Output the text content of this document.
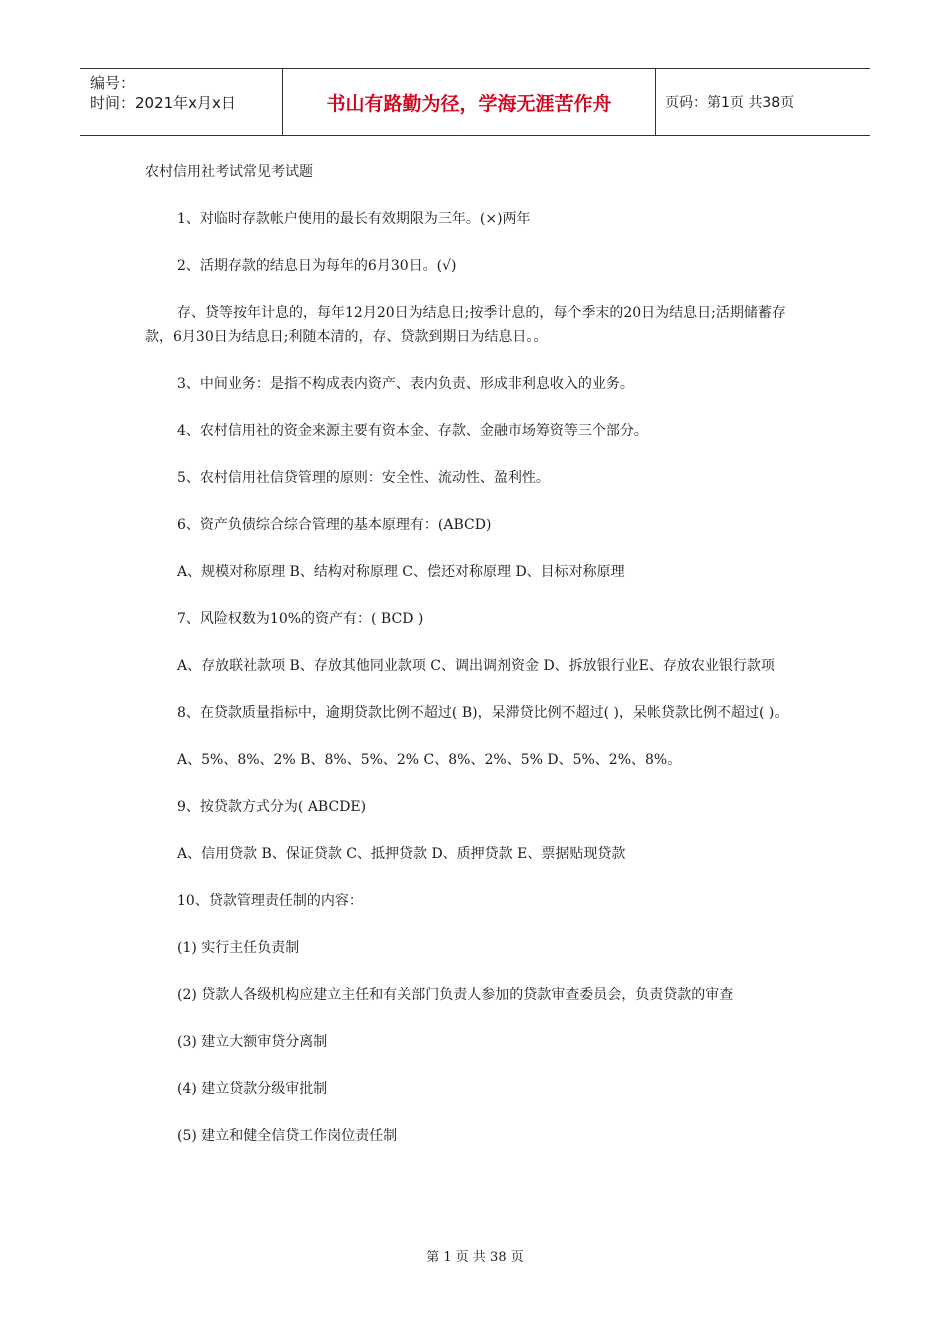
编号：
时间：2021年x月x日	书山有路勤为径，学海无涯苦作舟	页码：第1页 共38页

农村信用社考试常见考试题

1、对临时存款帐户使用的最长有效期限为三年。(×)两年

2、活期存款的结息日为每年的6月30日。(√)

存、贷等按年计息的，每年12月20日为结息日;按季计息的，每个季末的20日为结息日;活期储蓄存款，6月30日为结息日;利随本清的，存、贷款到期日为结息日。。

3、中间业务：是指不构成表内资产、表内负责、形成非利息收入的业务。

4、农村信用社的资金来源主要有资本金、存款、金融市场筹资等三个部分。

5、农村信用社信贷管理的原则：安全性、流动性、盈利性。

6、资产负债综合综合管理的基本原理有：(ABCD)

A、规模对称原理 B、结构对称原理 C、偿还对称原理 D、目标对称原理

7、风险权数为10%的资产有：( BCD )

A、存放联社款项 B、存放其他同业款项 C、调出调剂资金 D、拆放银行业E、存放农业银行款项

8、在贷款质量指标中，逾期贷款比例不超过( B)，呆滞贷比例不超过( )，呆帐贷款比例不超过( )。

A、5%、8%、2% B、8%、5%、2% C、8%、2%、5% D、5%、2%、8%。

9、按贷款方式分为( ABCDE)

A、信用贷款 B、保证贷款 C、抵押贷款 D、质押贷款 E、票据贴现贷款

10、贷款管理责任制的内容：

(1) 实行主任负责制

(2) 贷款人各级机构应建立主任和有关部门负责人参加的贷款审查委员会，负责贷款的审查

(3) 建立大额审贷分离制

(4) 建立贷款分级审批制

(5) 建立和健全信贷工作岗位责任制

第 1 页 共 38 页
